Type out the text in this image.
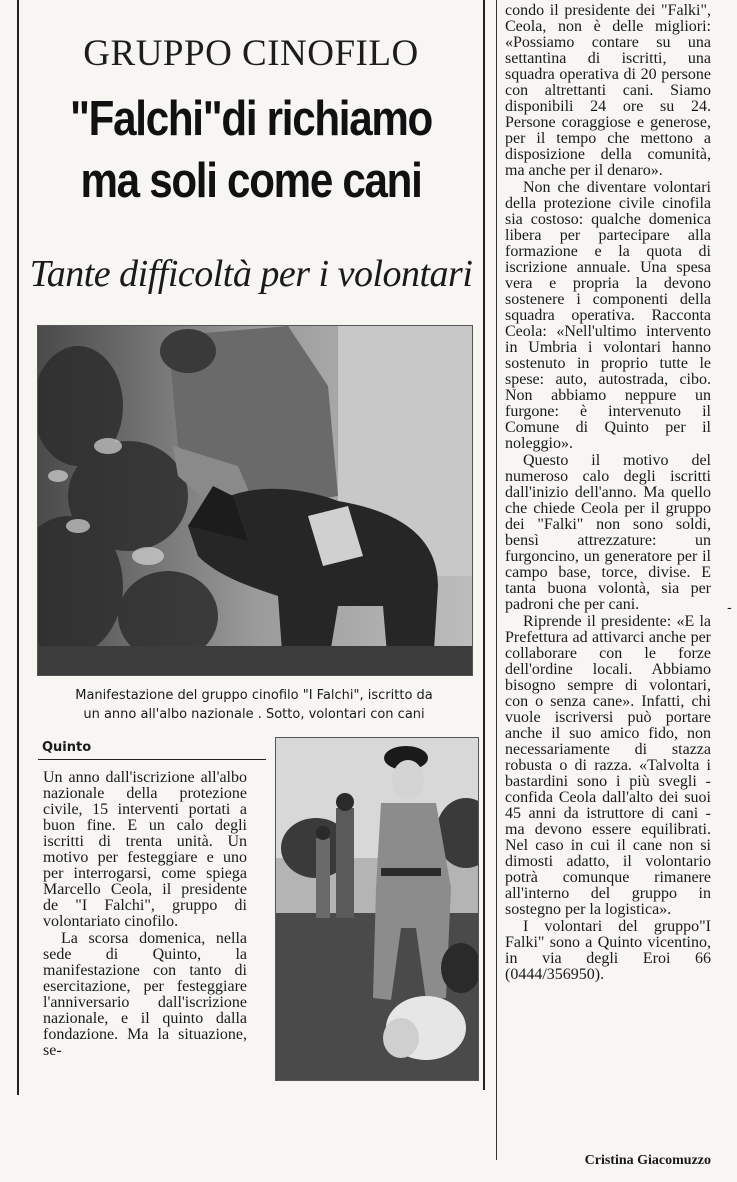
GRUPPO CINOFILO
"Falchi"di richiamo
ma soli come cani
Tante difficoltà per i volontari
Manifestazione del gruppo cinofilo "I Falchi", iscritto da
un anno all'albo nazionale . Sotto, volontari con cani
Quinto

Un anno dall'iscrizione all'albo nazionale della protezione civile, 15 interventi portati a buon fine. E un calo degli iscritti di trenta unità. Un motivo per festeggiare e uno per interrogarsi, come spiega Marcello Ceola, il presidente de "I Falchi", gruppo di volontariato cinofilo.

La scorsa domenica, nella sede di Quinto, la manifestazione con tanto di esercitazione, per festeggiare l'anniversario dall'iscrizione nazionale, e il quinto dalla fondazione. Ma la situazione, se-

condo il presidente dei "Falki", Ceola, non è delle migliori: «Possiamo contare su una settantina di iscritti, una squadra operativa di 20 persone con altrettanti cani. Siamo disponibili 24 ore su 24. Persone coraggiose e generose, per il tempo che mettono a disposizione della comunità, ma anche per il denaro».

Non che diventare volontari della protezione civile cinofila sia costoso: qualche domenica libera per partecipare alla formazione e la quota di iscrizione annuale. Una spesa vera e propria la devono sostenere i componenti della squadra operativa. Racconta Ceola: «Nell'ultimo intervento in Umbria i volontari hanno sostenuto in proprio tutte le spese: auto, autostrada, cibo. Non abbiamo neppure un furgone: è intervenuto il Comune di Quinto per il noleggio».

Questo il motivo del numeroso calo degli iscritti dall'inizio dell'anno. Ma quello che chiede Ceola per il gruppo dei "Falki" non sono soldi, bensì attrezzature: un furgoncino, un generatore per il campo base, torce, divise. E tanta buona volontà, sia per padroni che per cani.

Riprende il presidente: «E la Prefettura ad attivarci anche per collaborare con le forze dell'ordine locali. Abbiamo bisogno sempre di volontari, con o senza cane». Infatti, chi vuole iscriversi può portare anche il suo amico fido, non necessariamente di stazza robusta o di razza. «Talvolta i bastardini sono i più svegli - confida Ceola dall'alto dei suoi 45 anni da istruttore di cani - ma devono essere equilibrati. Nel caso in cui il cane non si dimosti adatto, il volontario potrà comunque rimanere all'interno del gruppo in sostegno per la logistica».

I volontari del gruppo"I Falki" sono a Quinto vicentino, in via degli Eroi 66 (0444/356950).

Cristina Giacomuzzo
-
